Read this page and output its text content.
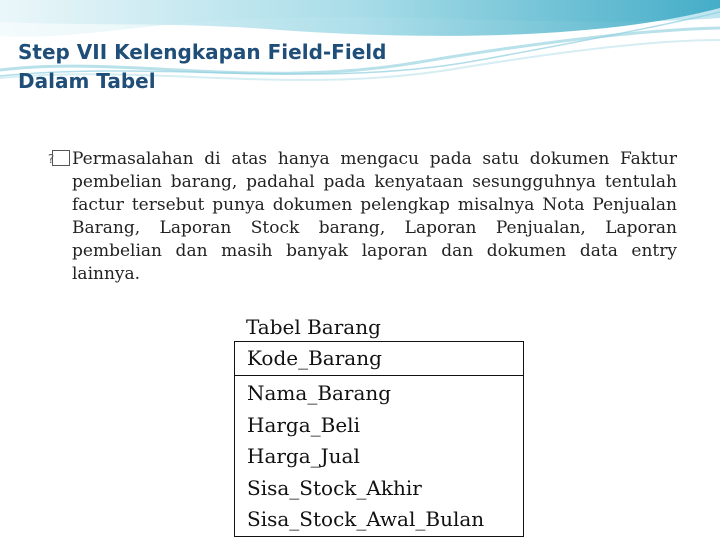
Step VII Kelengkapan Field-Field
Dalam Tabel

?Permasalahan di atas hanya mengacu pada satu dokumen Faktur pembelian barang, padahal pada kenyataan sesungguhnya tentulah factur tersebut punya dokumen pelengkap misalnya Nota Penjualan Barang, Laporan Stock barang, Laporan Penjualan, Laporan pembelian dan masih banyak laporan dan dokumen data entry lainnya.

Tabel Barang
Kode_Barang
Nama_Barang
Harga_Beli
Harga_Jual
Sisa_Stock_Akhir
Sisa_Stock_Awal_Bulan
